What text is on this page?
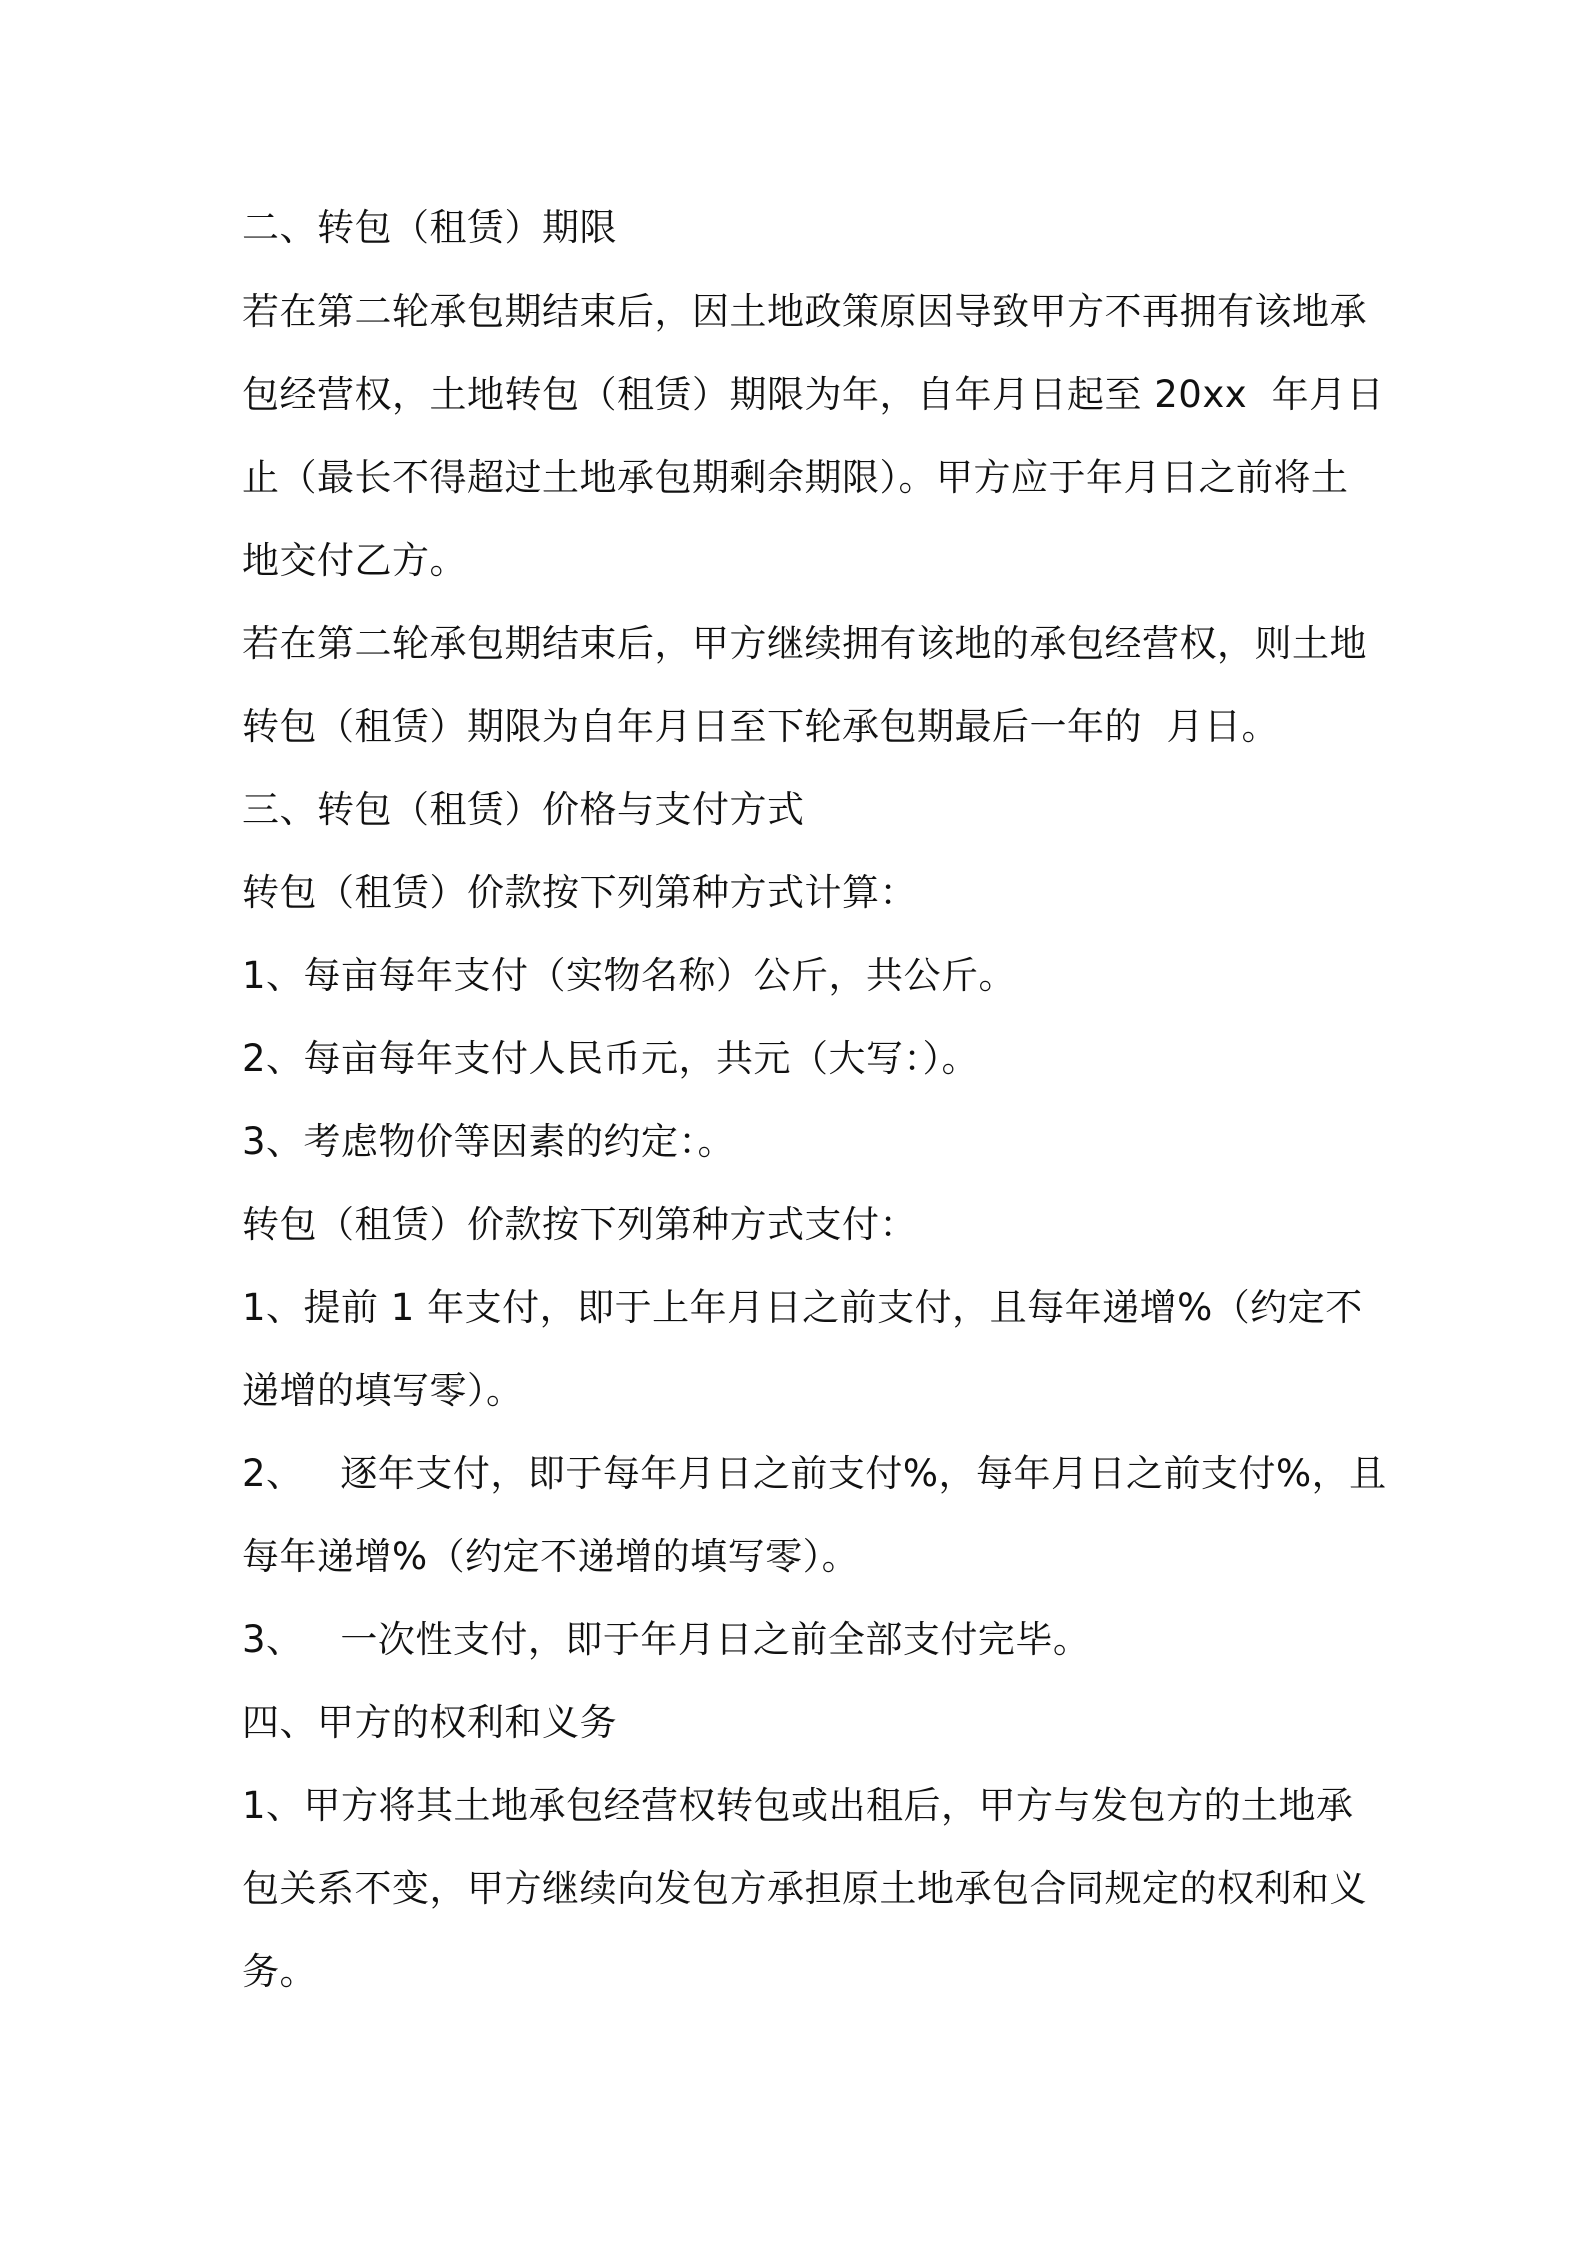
二、转包（租赁）期限
若在第二轮承包期结束后，因土地政策原因导致甲方不再拥有该地承
包经营权，土地转包（租赁）期限为年，自年月日起至 20xx  年月日
止（最长不得超过土地承包期剩余期限）。甲方应于年月日之前将土
地交付乙方。
若在第二轮承包期结束后，甲方继续拥有该地的承包经营权，则土地
转包（租赁）期限为自年月日至下轮承包期最后一年的  月日。
三、转包（租赁）价格与支付方式
转包（租赁）价款按下列第种方式计算：
1、每亩每年支付（实物名称）公斤，共公斤。
2、每亩每年支付人民币元，共元（大写：）。
3、考虑物价等因素的约定：。
转包（租赁）价款按下列第种方式支付：
1、提前 1 年支付，即于上年月日之前支付，且每年递增%（约定不
递增的填写零）。
2、   逐年支付，即于每年月日之前支付%，每年月日之前支付%，且
每年递增%（约定不递增的填写零）。
3、   一次性支付，即于年月日之前全部支付完毕。
四、甲方的权利和义务
1、甲方将其土地承包经营权转包或出租后，甲方与发包方的土地承
包关系不变，甲方继续向发包方承担原土地承包合同规定的权利和义
务。
